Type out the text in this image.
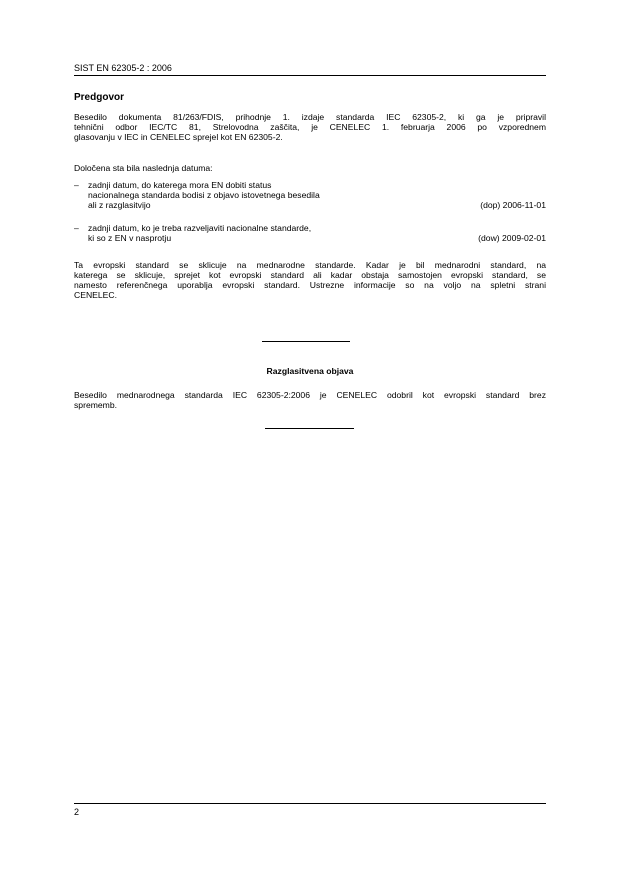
SIST EN 62305-2 : 2006
Predgovor
Besedilo dokumenta 81/263/FDIS, prihodnje 1. izdaje standarda IEC 62305-2, ki ga je pripravil
tehnični odbor IEC/TC 81, Strelovodna zaščita, je CENELEC 1. februarja 2006 po vzporednem
glasovanju v IEC in CENELEC sprejel kot EN 62305-2.
Določena sta bila naslednja datuma:
– zadnji datum, do katerega mora EN dobiti status
nacionalnega standarda bodisi z objavo istovetnega besedila
ali z razglasitvijo	(dop) 2006-11-01
– zadnji datum, ko je treba razveljaviti nacionalne standarde,
ki so z EN v nasprotju	(dow) 2009-02-01
Ta evropski standard se sklicuje na mednarodne standarde. Kadar je bil mednarodni standard, na
katerega se sklicuje, sprejet kot evropski standard ali kadar obstaja samostojen evropski standard, se
namesto referenčnega uporablja evropski standard. Ustrezne informacije so na voljo na spletni strani
CENELEC.
Razglasitvena objava
Besedilo mednarodnega standarda IEC 62305-2:2006 je CENELEC odobril kot evropski standard brez
sprememb.
2
